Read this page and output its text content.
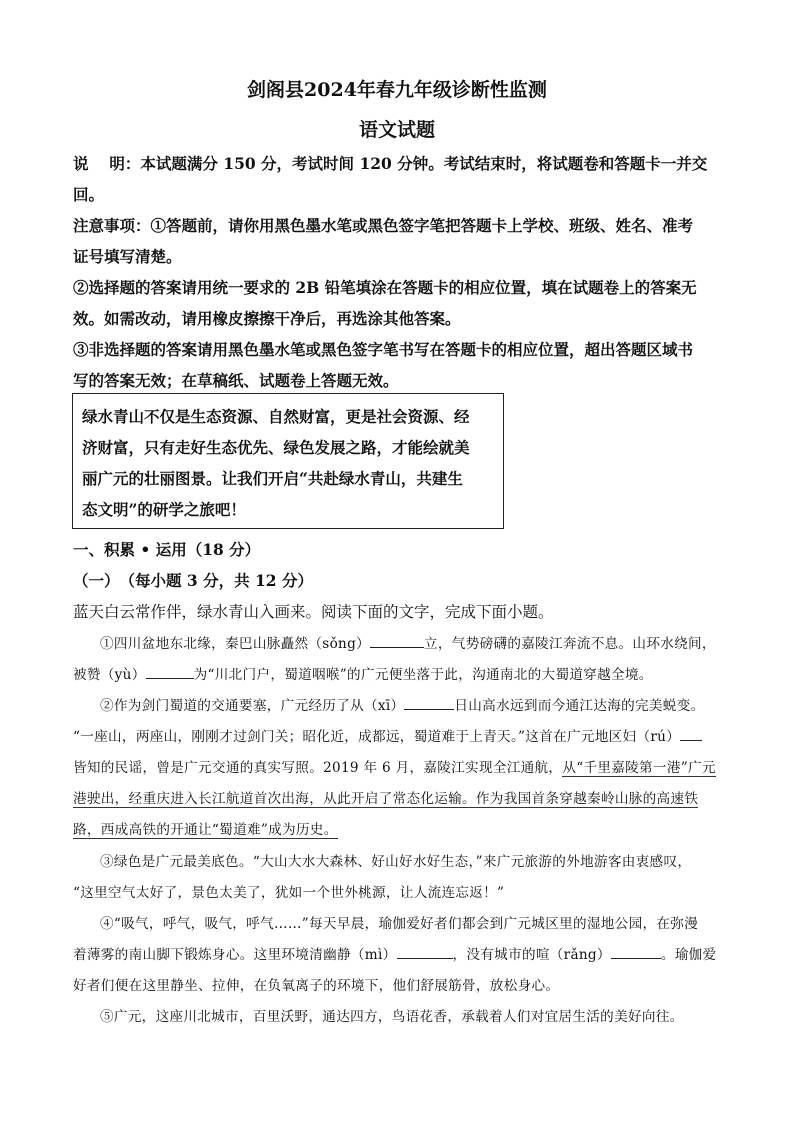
剑阁县2024年春九年级诊断性监测
语文试题
说　 明：本试题满分 150 分，考试时间 120 分钟。考试结束时，将试题卷和答题卡一并交
回。
注意事项：①答题前，请你用黑色墨水笔或黑色签字笔把答题卡上学校、班级、姓名、准考
证号填写清楚。
②选择题的答案请用统一要求的 2B 铅笔填涂在答题卡的相应位置，填在试题卷上的答案无
效。如需改动，请用橡皮擦擦干净后，再选涂其他答案。
③非选择题的答案请用黑色墨水笔或黑色签字笔书写在答题卡的相应位置，超出答题区域书
写的答案无效；在草稿纸、试题卷上答题无效。
绿水青山不仅是生态资源、自然财富，更是社会资源、经
济财富，只有走好生态优先、绿色发展之路，才能绘就美
丽广元的壮丽图景。让我们开启“共赴绿水青山，共建生
态文明”的研学之旅吧！
一、积累 • 运用（18 分）
（一）　（每小题 3 分，共 12 分）
蓝天白云常作伴，绿水青山入画来。阅读下面的文字，完成下面小题。
①四川盆地东北缘，秦巴山脉矗然（sǒng）	立，气势磅礴的嘉陵江奔流不息。山环水绕间，
被赞（yù）	为“川北门户，蜀道咽喉”的广元便坐落于此，沟通南北的大蜀道穿越全境。
②作为剑门蜀道的交通要塞，广元经历了从（xī）	日山高水远到而今通江达海的完美蜕变。
“一座山，两座山，刚刚才过剑门关；昭化近，成都远，蜀道难于上青天。”这首在广元地区妇（rú）
皆知的民谣，曾是广元交通的真实写照。2019 年 6 月，嘉陵江实现全江通航，从“千里嘉陵第一港”广元
港驶出，经重庆进入长江航道首次出海，从此开启了常态化运输。作为我国首条穿越秦岭山脉的高速铁
路，西成高铁的开通让“蜀道难”成为历史。
③绿色是广元最美底色。“大山大水大森林、好山好水好生态，”来广元旅游的外地游客由衷感叹，
“这里空气太好了，景色太美了，犹如一个世外桃源，让人流连忘返！”
④“吸气，呼气，吸气，呼气……”每天早晨，瑜伽爱好者们都会到广元城区里的湿地公园，在弥漫
着薄雾的南山脚下锻炼身心。这里环境清幽静（mì）	，没有城市的喧（rǎng）	。瑜伽爱
好者们便在这里静坐、拉伸，在负氧离子的环境下，他们舒展筋骨，放松身心。
⑤广元，这座川北城市，百里沃野，通达四方，鸟语花香，承载着人们对宜居生活的美好向往。
